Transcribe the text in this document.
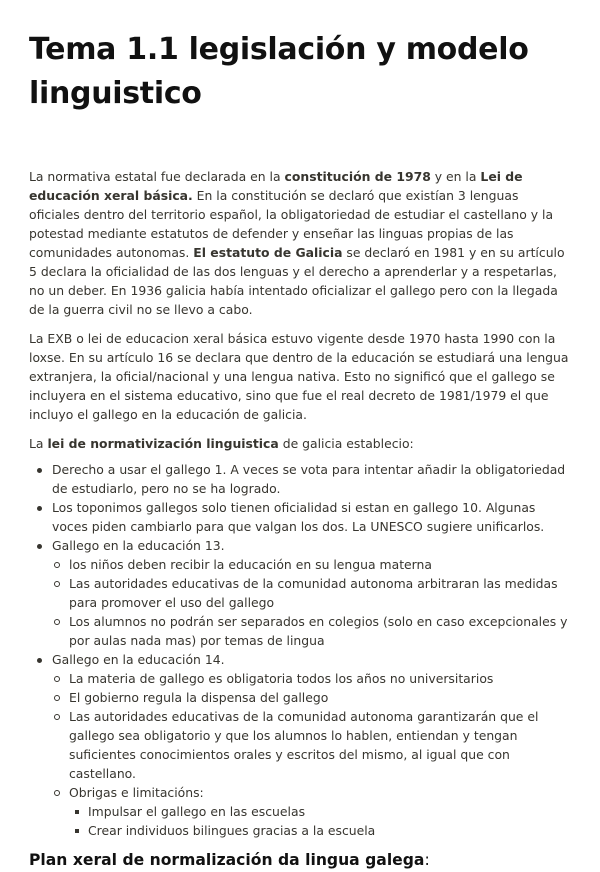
Tema 1.1 legislación y modelo linguistico

La normativa estatal fue declarada en la constitución de 1978 y en la Lei de educación xeral básica. En la constitución se declaró que existían 3 lenguas oficiales dentro del territorio español, la obligatoriedad de estudiar el castellano y la potestad mediante estatutos de defender y enseñar las linguas propias de las comunidades autonomas. El estatuto de Galicia se declaró en 1981 y en su artículo 5 declara la oficialidad de las dos lenguas y el derecho a aprenderlar y a respetarlas, no un deber. En 1936 galicia había intentado oficializar el gallego pero con la llegada de la guerra civil no se llevo a cabo.

La EXB o lei de educacion xeral básica estuvo vigente desde 1970 hasta 1990 con la loxse. En su artículo 16 se declara que dentro de la educación se estudiará una lengua extranjera, la oficial/nacional y una lengua nativa. Esto no significó que el gallego se incluyera en el sistema educativo, sino que fue el real decreto de 1981/1979 el que incluyo el gallego en la educación de galicia.

La lei de normativización linguistica de galicia establecio:

Derecho a usar el gallego 1. A veces se vota para intentar añadir la obligatoriedad de estudiarlo, pero no se ha logrado.
Los toponimos gallegos solo tienen oficialidad si estan en gallego 10. Algunas voces piden cambiarlo para que valgan los dos. La UNESCO sugiere unificarlos.
Gallego en la educación 13.
los niños deben recibir la educación en su lengua materna
Las autoridades educativas de la comunidad autonoma arbitraran las medidas para promover el uso del gallego
Los alumnos no podrán ser separados en colegios (solo en caso excepcionales y por aulas nada mas) por temas de lingua
Gallego en la educación 14.
La materia de gallego es obligatoria todos los años no universitarios
El gobierno regula la dispensa del gallego
Las autoridades educativas de la comunidad autonoma garantizarán que el gallego sea obligatorio y que los alumnos lo hablen, entiendan y tengan suficientes conocimientos orales y escritos del mismo, al igual que con castellano.
Obrigas e limitacións:
Impulsar el gallego en las escuelas
Crear individuos bilingues gracias a la escuela
Plan xeral de normalización da lingua galega:
